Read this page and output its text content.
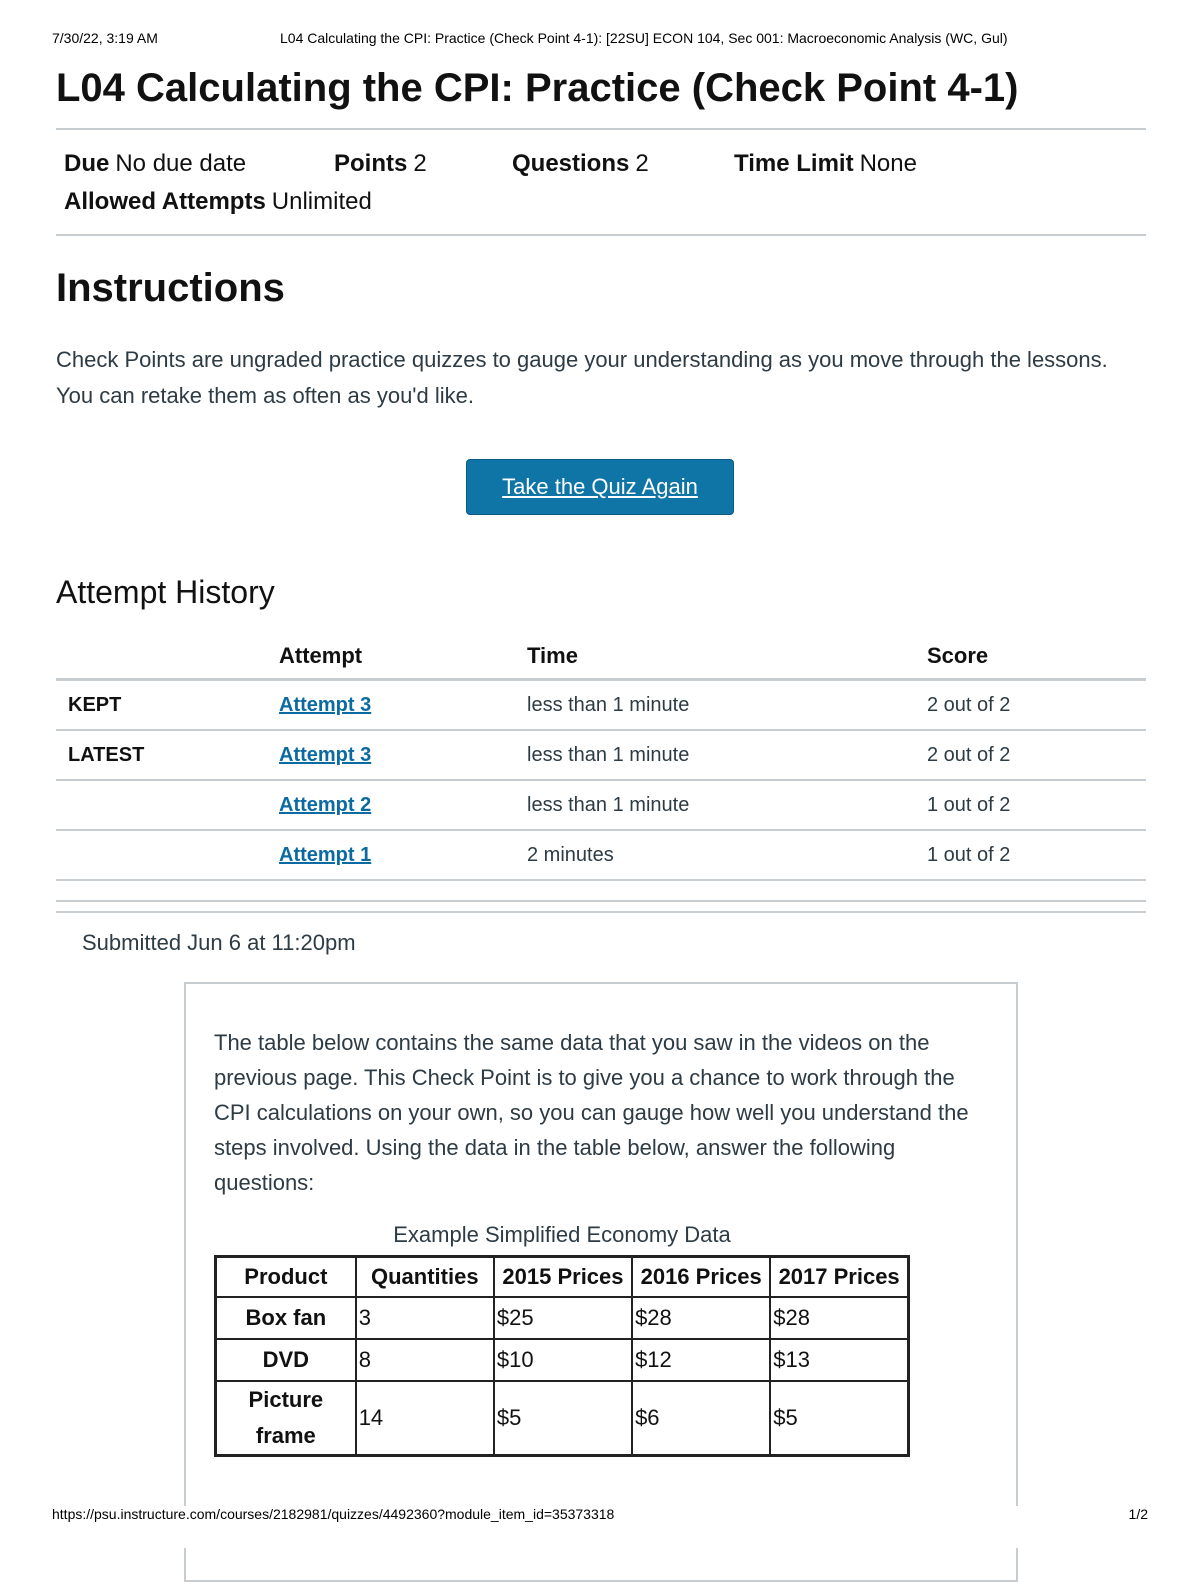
7/30/22, 3:19 AM	L04 Calculating the CPI: Practice (Check Point 4-1): [22SU] ECON 104, Sec 001: Macroeconomic Analysis (WC, Gul)
L04 Calculating the CPI: Practice (Check Point 4-1)
Due No due date	Points 2	Questions 2	Time Limit None
Allowed Attempts Unlimited
Instructions

Check Points are ungraded practice quizzes to gauge your understanding as you move through the lessons. You can retake them as often as you'd like.

Take the Quiz Again
Attempt History
	Attempt	Time	Score
KEPT	Attempt 3	less than 1 minute	2 out of 2
LATEST	Attempt 3	less than 1 minute	2 out of 2
	Attempt 2	less than 1 minute	1 out of 2
	Attempt 1	2 minutes	1 out of 2

Submitted Jun 6 at 11:20pm

The table below contains the same data that you saw in the videos on the previous page. This Check Point is to give you a chance to work through the CPI calculations on your own, so you can gauge how well you understand the steps involved. Using the data in the table below, answer the following questions:

Example Simplified Economy Data
Product	Quantities	2015 Prices	2016 Prices	2017 Prices
Box fan	3	$25	$28	$28
DVD	8	$10	$12	$13
Picture frame	14	$5	$6	$5
https://psu.instructure.com/courses/2182981/quizzes/4492360?module_item_id=35373318	1/2
